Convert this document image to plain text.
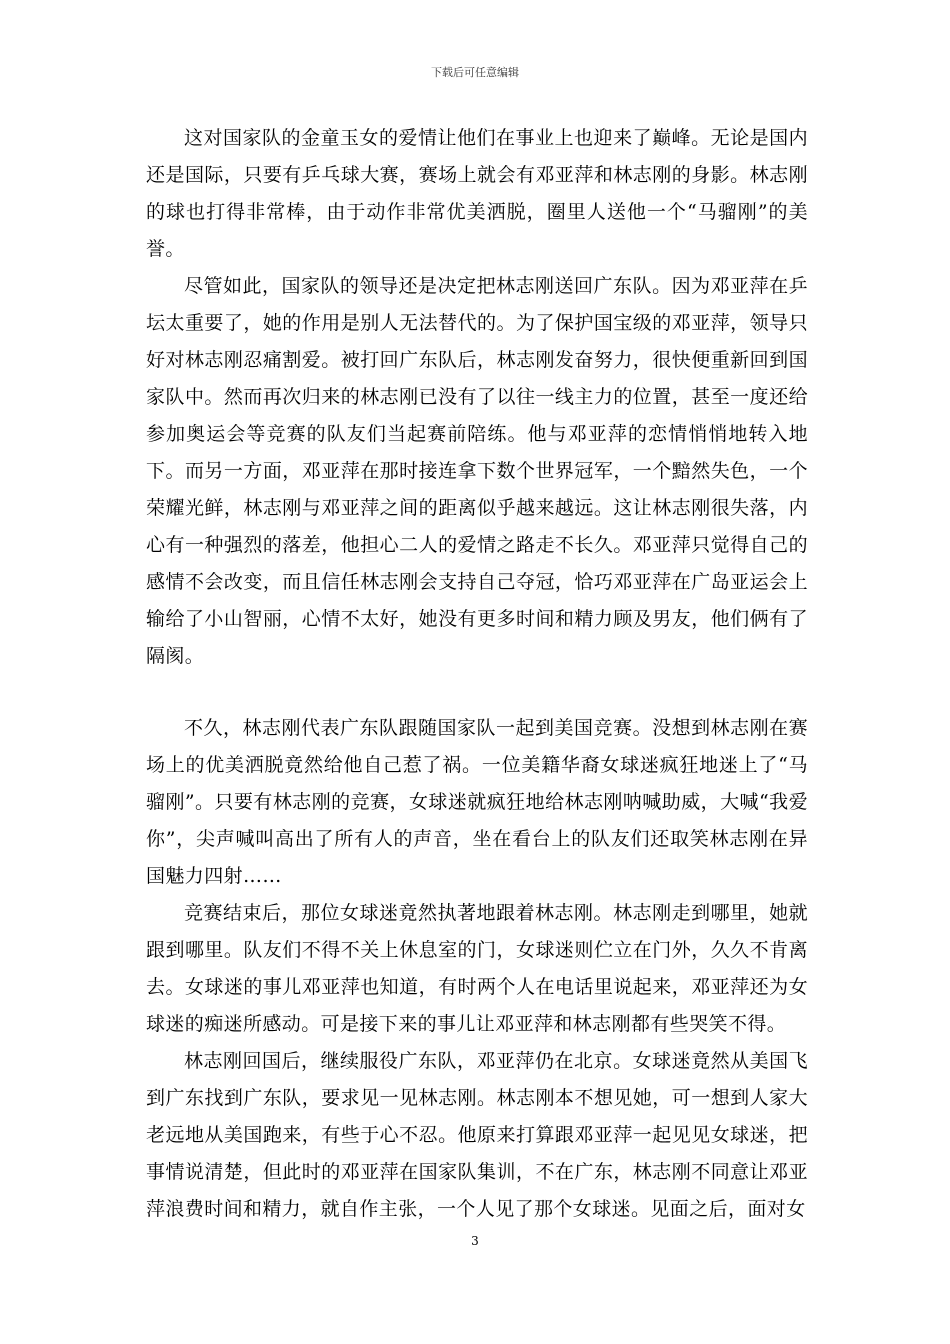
下载后可任意编辑

这对国家队的金童玉女的爱情让他们在事业上也迎来了巅峰。无论是国内还是国际，只要有乒乓球大赛，赛场上就会有邓亚萍和林志刚的身影。林志刚的球也打得非常棒，由于动作非常优美洒脱，圈里人送他一个“马骝刚”的美誉。

尽管如此，国家队的领导还是决定把林志刚送回广东队。因为邓亚萍在乒坛太重要了，她的作用是别人无法替代的。为了保护国宝级的邓亚萍，领导只好对林志刚忍痛割爱。被打回广东队后，林志刚发奋努力，很快便重新回到国家队中。然而再次归来的林志刚已没有了以往一线主力的位置，甚至一度还给参加奥运会等竞赛的队友们当起赛前陪练。他与邓亚萍的恋情悄悄地转入地下。而另一方面，邓亚萍在那时接连拿下数个世界冠军，一个黯然失色，一个荣耀光鲜，林志刚与邓亚萍之间的距离似乎越来越远。这让林志刚很失落，内心有一种强烈的落差，他担心二人的爱情之路走不长久。邓亚萍只觉得自己的感情不会改变，而且信任林志刚会支持自己夺冠，恰巧邓亚萍在广岛亚运会上输给了小山智丽，心情不太好，她没有更多时间和精力顾及男友，他们俩有了隔阂。

不久，林志刚代表广东队跟随国家队一起到美国竞赛。没想到林志刚在赛场上的优美洒脱竟然给他自己惹了祸。一位美籍华裔女球迷疯狂地迷上了“马骝刚”。只要有林志刚的竞赛，女球迷就疯狂地给林志刚呐喊助威，大喊“我爱你”，尖声喊叫高出了所有人的声音，坐在看台上的队友们还取笑林志刚在异国魅力四射……

竞赛结束后，那位女球迷竟然执著地跟着林志刚。林志刚走到哪里，她就跟到哪里。队友们不得不关上休息室的门，女球迷则伫立在门外，久久不肯离去。女球迷的事儿邓亚萍也知道，有时两个人在电话里说起来，邓亚萍还为女球迷的痴迷所感动。可是接下来的事儿让邓亚萍和林志刚都有些哭笑不得。

林志刚回国后，继续服役广东队，邓亚萍仍在北京。女球迷竟然从美国飞到广东找到广东队，要求见一见林志刚。林志刚本不想见她，可一想到人家大老远地从美国跑来，有些于心不忍。他原来打算跟邓亚萍一起见见女球迷，把事情说清楚，但此时的邓亚萍在国家队集训，不在广东，林志刚不同意让邓亚萍浪费时间和精力，就自作主张，一个人见了那个女球迷。见面之后，面对女

3
